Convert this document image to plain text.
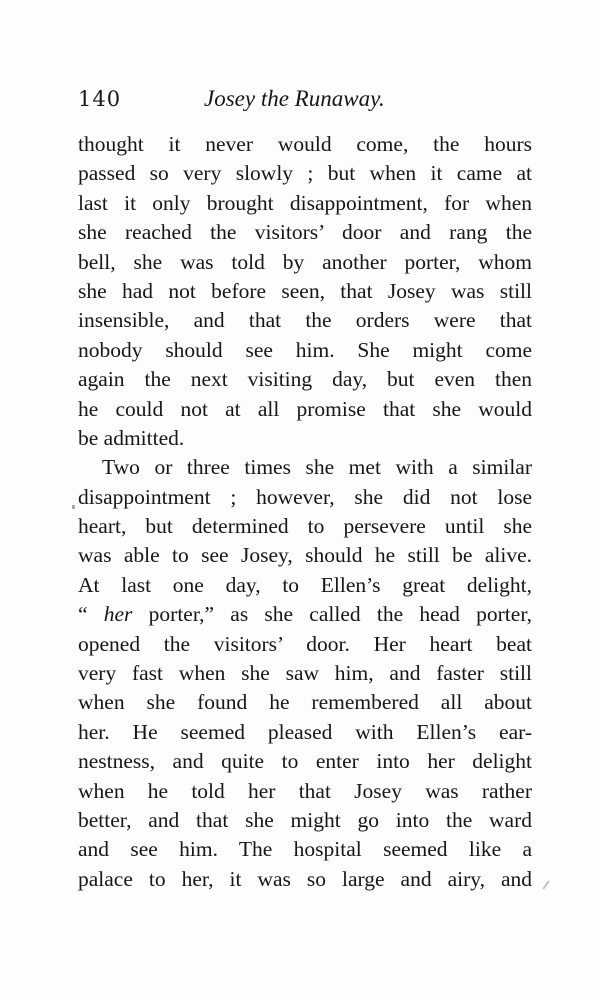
140	Josey the Runaway.
thought it never would come, the hours
passed so very slowly ; but when it came at
last it only brought disappointment, for when
she reached the visitors’ door and rang the
bell, she was told by another porter, whom
she had not before seen, that Josey was still
insensible, and that the orders were that
nobody should see him. She might come
again the next visiting day, but even then
he could not at all promise that she would
be admitted.
Two or three times she met with a similar
disappointment ; however, she did not lose
heart, but determined to persevere until she
was able to see Josey, should he still be alive.
At last one day, to Ellen’s great delight,
“ her porter,” as she called the head porter,
opened the visitors’ door. Her heart beat
very fast when she saw him, and faster still
when she found he remembered all about
her. He seemed pleased with Ellen’s ear-
nestness, and quite to enter into her delight
when he told her that Josey was rather
better, and that she might go into the ward
and see him. The hospital seemed like a
palace to her, it was so large and airy, and
